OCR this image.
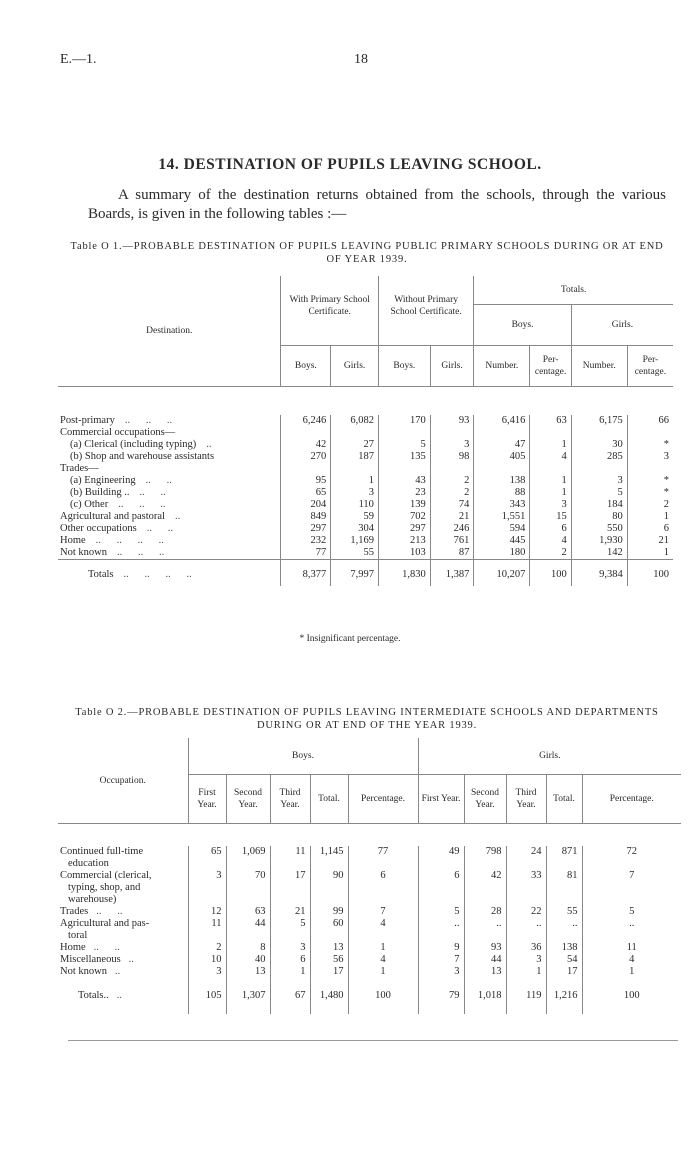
E.—1.	18
14. DESTINATION OF PUPILS LEAVING SCHOOL.

A summary of the destination returns obtained from the schools, through the various Boards, is given in the following tables :—

Table O 1.—PROBABLE DESTINATION OF PUPILS LEAVING PUBLIC PRIMARY SCHOOLS DURING OR AT END OF YEAR 1939.
Destination.	With Primary School Certificate.		Without Primary School Certificate.		Totals.			
					Boys.		Girls.	
	Boys.	Girls.	Boys.	Girls.	Number.	Per-centage.	Number.	Per-centage.

Post-primary ..      ..      ..	6,246	6,082	170	93	6,416	63	6,175	66
Commercial occupations—								
(a) Clerical (including typing) ..	42	27	5	3	47	1	30	*
(b) Shop and warehouse assistants	270	187	135	98	405	4	285	3
Trades—								
(a) Engineering ..      ..	95	1	43	2	138	1	3	*
(b) Building .. ..      ..	65	3	23	2	88	1	5	*
(c) Other ..      ..      ..	204	110	139	74	343	3	184	2
Agricultural and pastoral ..	849	59	702	21	1,551	15	80	1
Other occupations ..      ..	297	304	297	246	594	6	550	6
Home ..      ..      ..      ..	232	1,169	213	761	445	4	1,930	21
Not known ..      ..      ..	77	55	103	87	180	2	142	1
Totals ..      ..      ..      ..	8,377	7,997	1,830	1,387	10,207	100	9,384	100
* Insignificant percentage.
Table O 2.—PROBABLE DESTINATION OF PUPILS LEAVING INTERMEDIATE SCHOOLS AND DEPARTMENTS DURING OR AT END OF THE YEAR 1939.
Occupation.	Boys.					Girls.				
	First Year.	Second Year.	Third Year.	Total.	Percentage.	First Year.	Second Year.	Third Year.	Total.	Percentage.

Continued full-time
education	65	1,069	11	1,145	77	49	798	24	871	72

Commercial (clerical,
typing, shop, and
warehouse)	3	70	17	90	6	6	42	33	81	7

Trades ..      ..	12	63	21	99	7	5	28	22	55	5

Agricultural and pas-
toral	11	44	5	60	4	..	..	..	..	..

Home ..      ..	2	8	3	13	1	9	93	36	138	11

Miscellaneous ..	10	40	6	56	4	7	44	3	54	4

Not known ..	3	13	1	17	1	3	13	1	17	1

Totals.. ..	105	1,307	67	1,480	100	79	1,018	119	1,216	100
